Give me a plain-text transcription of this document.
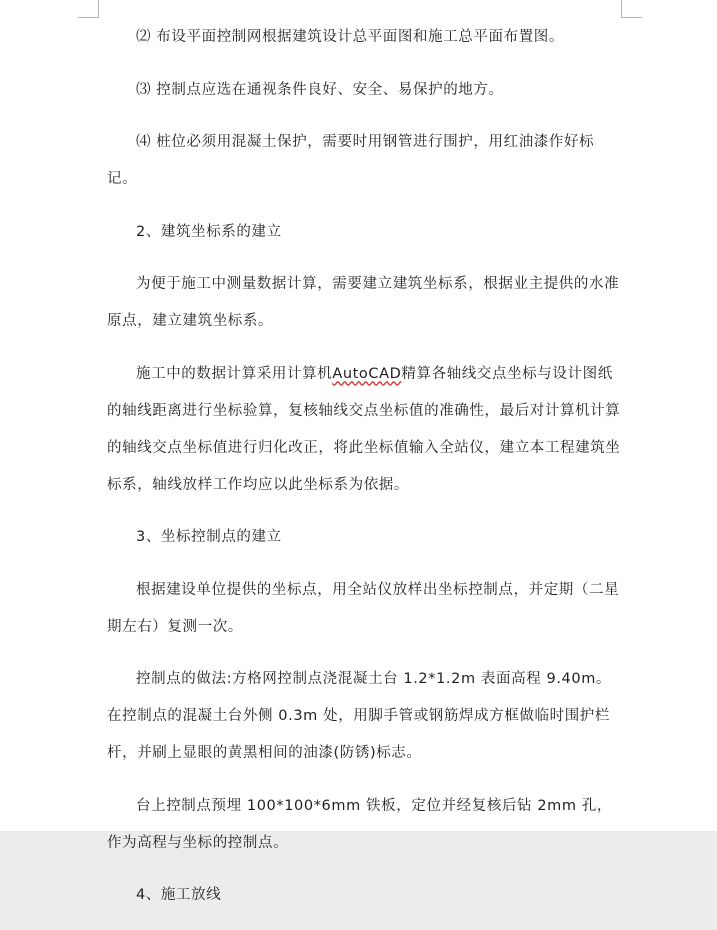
⑵ 布设平面控制网根据建筑设计总平面图和施工总平面布置图。

⑶ 控制点应选在通视条件良好、安全、易保护的地方。

⑷ 桩位必须用混凝土保护，需要时用钢管进行围护，用红油漆作好标记。

2、建筑坐标系的建立

为便于施工中测量数据计算，需要建立建筑坐标系，根据业主提供的水准原点，建立建筑坐标系。

施工中的数据计算采用计算机AutoCAD精算各轴线交点坐标与设计图纸的轴线距离进行坐标验算，复核轴线交点坐标值的准确性，最后对计算机计算的轴线交点坐标值进行归化改正，将此坐标值输入全站仪，建立本工程建筑坐标系，轴线放样工作均应以此坐标系为依据。

3、坐标控制点的建立

根据建设单位提供的坐标点，用全站仪放样出坐标控制点，并定期（二星期左右）复测一次。

控制点的做法:方格网控制点浇混凝土台 1.2*1.2m 表面高程 9.40m。在控制点的混凝土台外侧 0.3m 处，用脚手管或钢筋焊成方框做临时围护栏杆，并刷上显眼的黄黑相间的油漆(防锈)标志。

台上控制点预埋 100*100*6mm 铁板，定位并经复核后钻 2mm 孔，作为高程与坐标的控制点。

4、施工放线
